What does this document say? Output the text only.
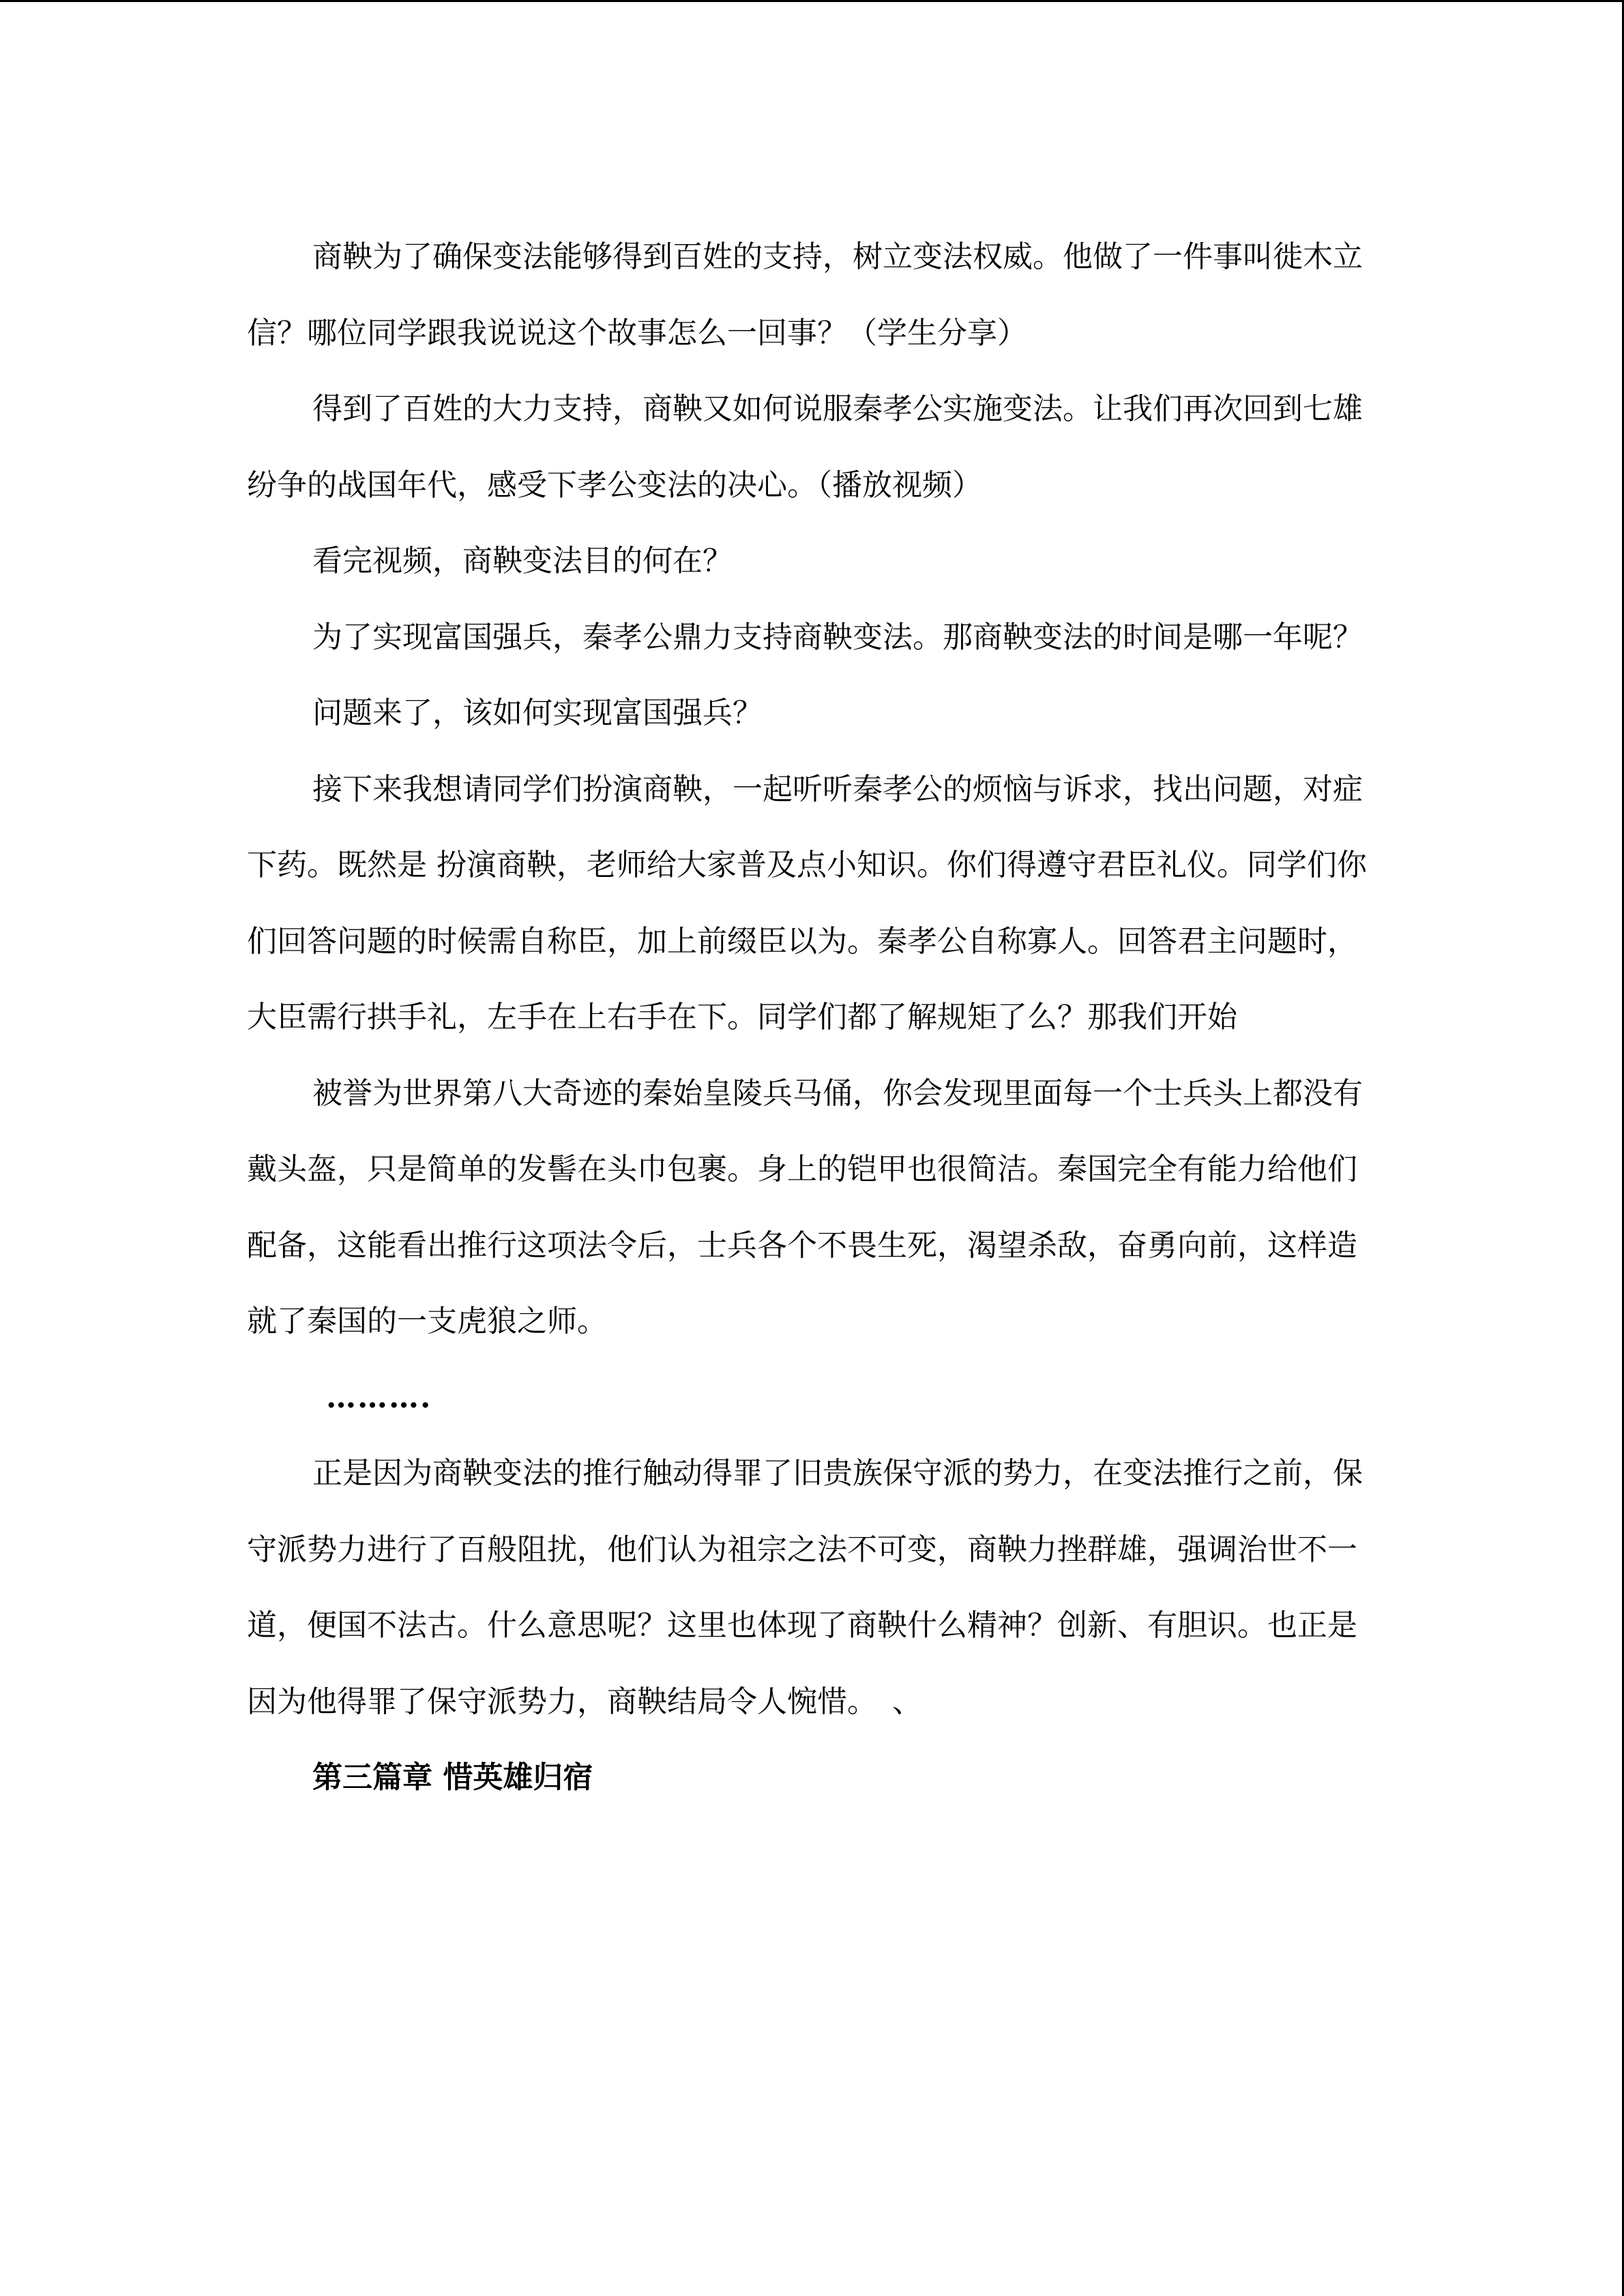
商鞅为了确保变法能够得到百姓的支持，树立变法权威。他做了一件事叫徙木立信？哪位同学跟我说说这个故事怎么一回事？（学生分享）

得到了百姓的大力支持，商鞅又如何说服秦孝公实施变法。让我们再次回到七雄纷争的战国年代，感受下孝公变法的决心。（播放视频）

看完视频，商鞅变法目的何在？

为了实现富国强兵，秦孝公鼎力支持商鞅变法。那商鞅变法的时间是哪一年呢？

问题来了，该如何实现富国强兵？

接下来我想请同学们扮演商鞅，一起听听秦孝公的烦恼与诉求，找出问题，对症下药。既然是 扮演商鞅，老师给大家普及点小知识。你们得遵守君臣礼仪。同学们你们回答问题的时候需自称臣，加上前缀臣以为。秦孝公自称寡人。回答君主问题时，大臣需行拱手礼，左手在上右手在下。同学们都了解规矩了么？那我们开始

被誉为世界第八大奇迹的秦始皇陵兵马俑，你会发现里面每一个士兵头上都没有戴头盔，只是简单的发髻在头巾包裹。身上的铠甲也很简洁。秦国完全有能力给他们配备，这能看出推行这项法令后，士兵各个不畏生死，渴望杀敌，奋勇向前，这样造就了秦国的一支虎狼之师。

……….

正是因为商鞅变法的推行触动得罪了旧贵族保守派的势力，在变法推行之前，保守派势力进行了百般阻扰，他们认为祖宗之法不可变，商鞅力挫群雄，强调治世不一道，便国不法古。什么意思呢？这里也体现了商鞅什么精神？创新、有胆识。也正是因为他得罪了保守派势力，商鞅结局令人惋惜。　、

第三篇章 惜英雄归宿
